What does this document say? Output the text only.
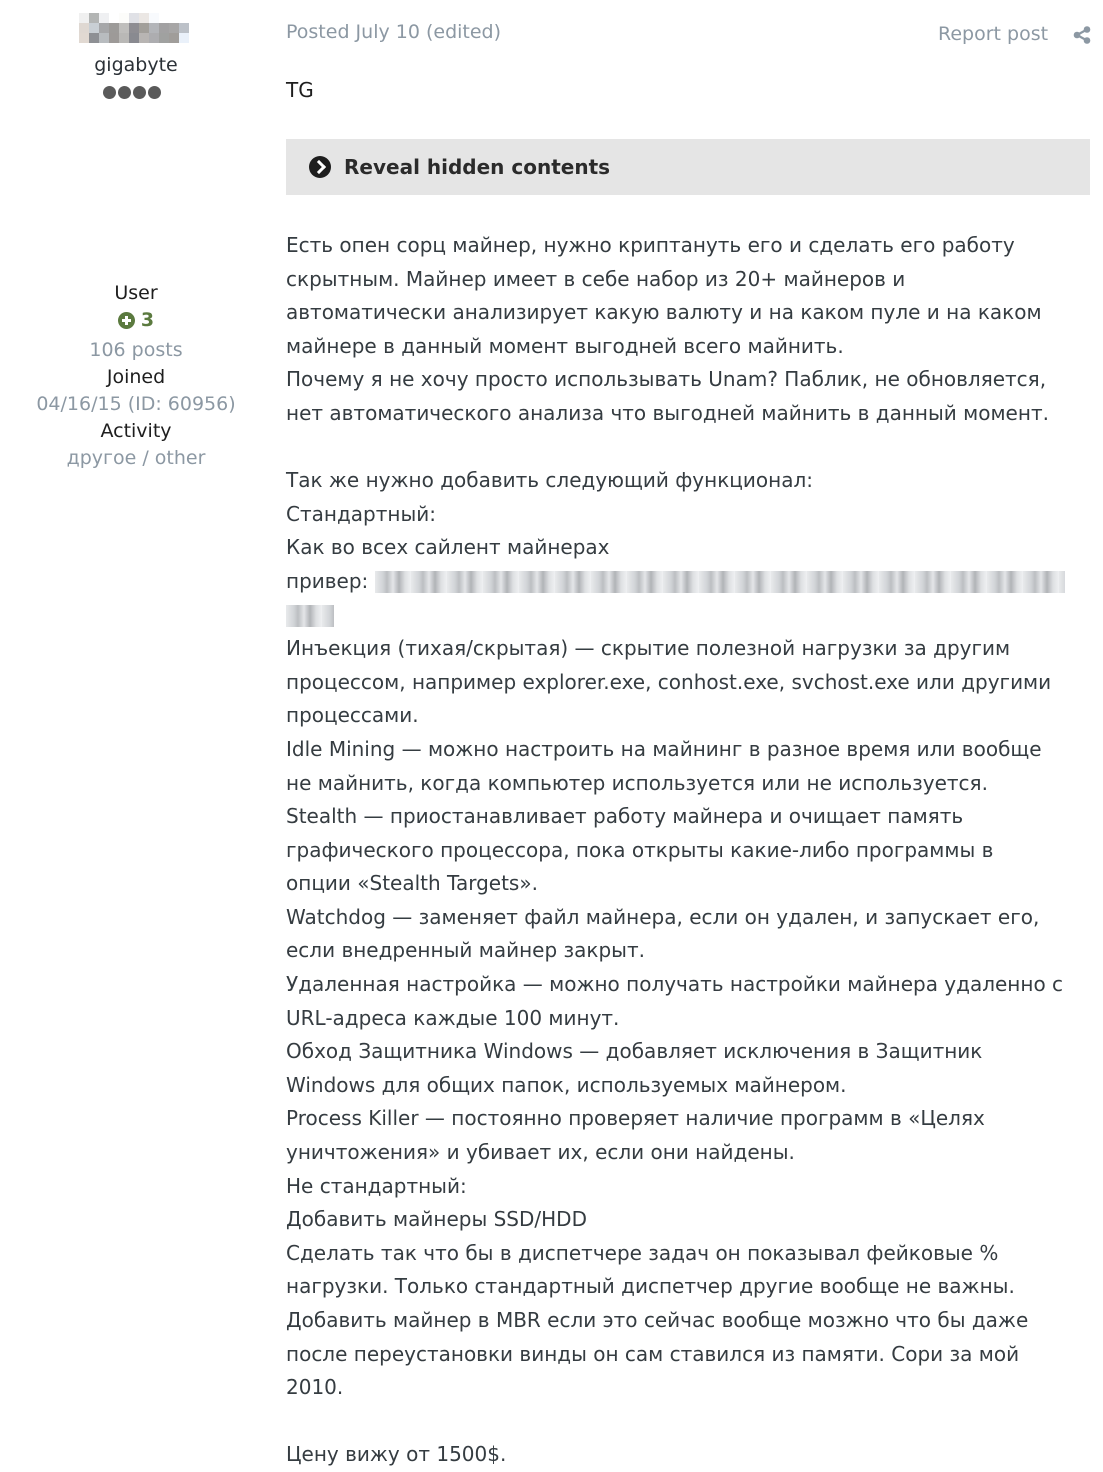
gigabyte
User
3
106 posts
Joined
04/16/15 (ID: 60956)
Activity
другое / other
Posted July 10 (edited)	Report post
TG
Reveal hidden contents

Есть опен сорц майнер, нужно криптануть его и сделать его работу

скрытным. Майнер имеет в себе набор из 20+ майнеров и

автоматически анализирует какую валюту и на каком пуле и на каком

майнере в данный момент выгодней всего майнить.

Почему я не хочу просто использывать Unam? Паблик, не обновляется,

нет автоматического анализа что выгодней майнить в данный момент.

Так же нужно добавить следующий функционал:

Стандартный:

Как во всех сайлент майнерах

привер:

Инъекция (тихая/скрытая) — скрытие полезной нагрузки за другим

процессом, например explorer.exe, conhost.exe, svchost.exe или другими

процессами.

Idle Mining — можно настроить на майнинг в разное время или вообще

не майнить, когда компьютер используется или не используется.

Stealth — приостанавливает работу майнера и очищает память

графического процессора, пока открыты какие-либо программы в

опции «Stealth Targets».

Watchdog — заменяет файл майнера, если он удален, и запускает его,

если внедренный майнер закрыт.

Удаленная настройка — можно получать настройки майнера удаленно с

URL-адреса каждые 100 минут.

Обход Защитника Windows — добавляет исключения в Защитник

Windows для общих папок, используемых майнером.

Process Killer — постоянно проверяет наличие программ в «Целях

уничтожения» и убивает их, если они найдены.

Не стандартный:

Добавить майнеры SSD/HDD

Сделать так что бы в диспетчере задач он показывал фейковые %

нагрузки. Только стандартный диспетчер другие вообще не важны.

Добавить майнер в MBR если это сейчас вообще мозжно что бы даже

после переустановки винды он сам ставился из памяти. Сори за мой

2010.

Цену вижу от 1500$.
